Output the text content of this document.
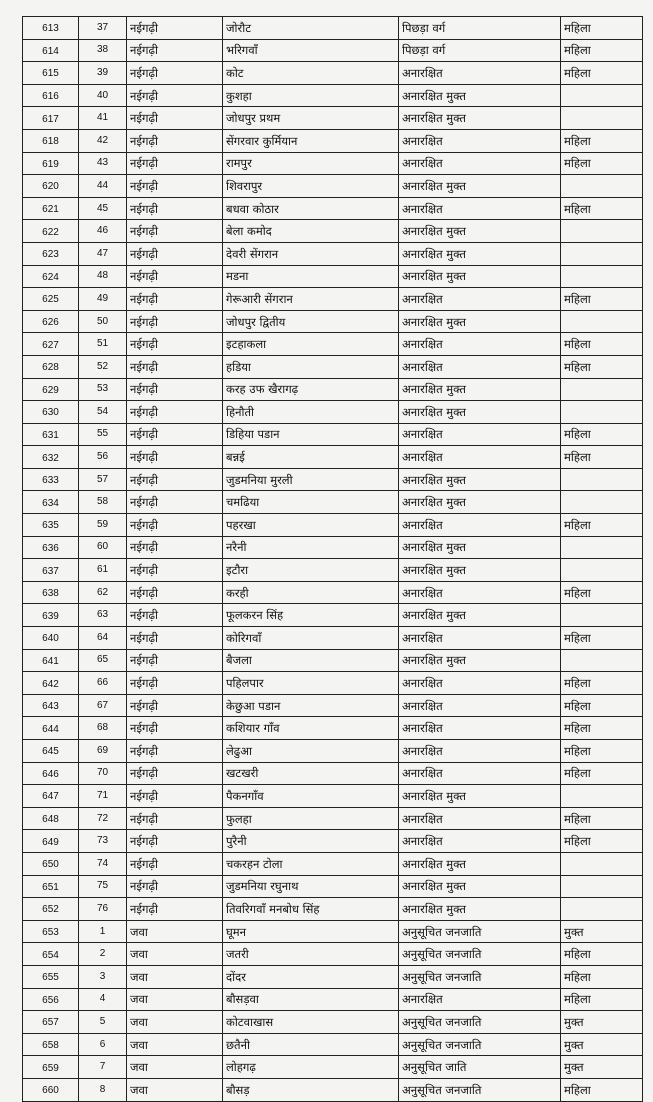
613	37	नईगढ़ी	जोरौट	पिछड़ा वर्ग	महिला
614	38	नईगढ़ी	भरिगवाँ	पिछड़ा वर्ग	महिला
615	39	नईगढ़ी	कोट	अनारक्षित	महिला
616	40	नईगढ़ी	कुशहा	अनारक्षित मुक्त	
617	41	नईगढ़ी	जोधपुर प्रथम	अनारक्षित मुक्त	
618	42	नईगढ़ी	सेंगरवार कुर्मियान	अनारक्षित	महिला
619	43	नईगढ़ी	रामपुर	अनारक्षित	महिला
620	44	नईगढ़ी	शिवरापुर	अनारक्षित मुक्त	
621	45	नईगढ़ी	बधवा कोठार	अनारक्षित	महिला
622	46	नईगढ़ी	बेला कमोद	अनारक्षित मुक्त	
623	47	नईगढ़ी	देवरी सेंगरान	अनारक्षित मुक्त	
624	48	नईगढ़ी	मडना	अनारक्षित मुक्त	
625	49	नईगढ़ी	गेरूआरी सेंगरान	अनारक्षित	महिला
626	50	नईगढ़ी	जोधपुर द्वितीय	अनारक्षित मुक्त	
627	51	नईगढ़ी	इटहाकला	अनारक्षित	महिला
628	52	नईगढ़ी	हडिया	अनारक्षित	महिला
629	53	नईगढ़ी	करह उफ खैरागढ़	अनारक्षित मुक्त	
630	54	नईगढ़ी	हिनौती	अनारक्षित मुक्त	
631	55	नईगढ़ी	डिहिया पडान	अनारक्षित	महिला
632	56	नईगढ़ी	बन्नई	अनारक्षित	महिला
633	57	नईगढ़ी	जुडमनिया मुरली	अनारक्षित मुक्त	
634	58	नईगढ़ी	चमढिया	अनारक्षित मुक्त	
635	59	नईगढ़ी	पहरखा	अनारक्षित	महिला
636	60	नईगढ़ी	नरैनी	अनारक्षित मुक्त	
637	61	नईगढ़ी	इटौरा	अनारक्षित मुक्त	
638	62	नईगढ़ी	करही	अनारक्षित	महिला
639	63	नईगढ़ी	फूलकरन सिंह	अनारक्षित मुक्त	
640	64	नईगढ़ी	कोरिगवाँ	अनारक्षित	महिला
641	65	नईगढ़ी	बैजला	अनारक्षित मुक्त	
642	66	नईगढ़ी	पहिलपार	अनारक्षित	महिला
643	67	नईगढ़ी	केछुआ पडान	अनारक्षित	महिला
644	68	नईगढ़ी	कशियार गाँव	अनारक्षित	महिला
645	69	नईगढ़ी	लेढुआ	अनारक्षित	महिला
646	70	नईगढ़ी	खटखरी	अनारक्षित	महिला
647	71	नईगढ़ी	पैकनगाँव	अनारक्षित मुक्त	
648	72	नईगढ़ी	फुलहा	अनारक्षित	महिला
649	73	नईगढ़ी	पुरैनी	अनारक्षित	महिला
650	74	नईगढ़ी	चकरहन टोला	अनारक्षित मुक्त	
651	75	नईगढ़ी	जुडमनिया रघुनाथ	अनारक्षित मुक्त	
652	76	नईगढ़ी	तिवरिगवाँ मनबोध सिंह	अनारक्षित मुक्त	
653	1	जवा	घूमन	अनुसूचित जनजाति	मुक्त
654	2	जवा	जतरी	अनुसूचित जनजाति	महिला
655	3	जवा	दोंदर	अनुसूचित जनजाति	महिला
656	4	जवा	बौसड़वा	अनारक्षित	महिला
657	5	जवा	कोटवाखास	अनुसूचित जनजाति	मुक्त
658	6	जवा	छतैनी	अनुसूचित जनजाति	मुक्त
659	7	जवा	लोहगढ़	अनुसूचित जाति	मुक्त
660	8	जवा	बौसड़	अनुसूचित जनजाति	महिला
